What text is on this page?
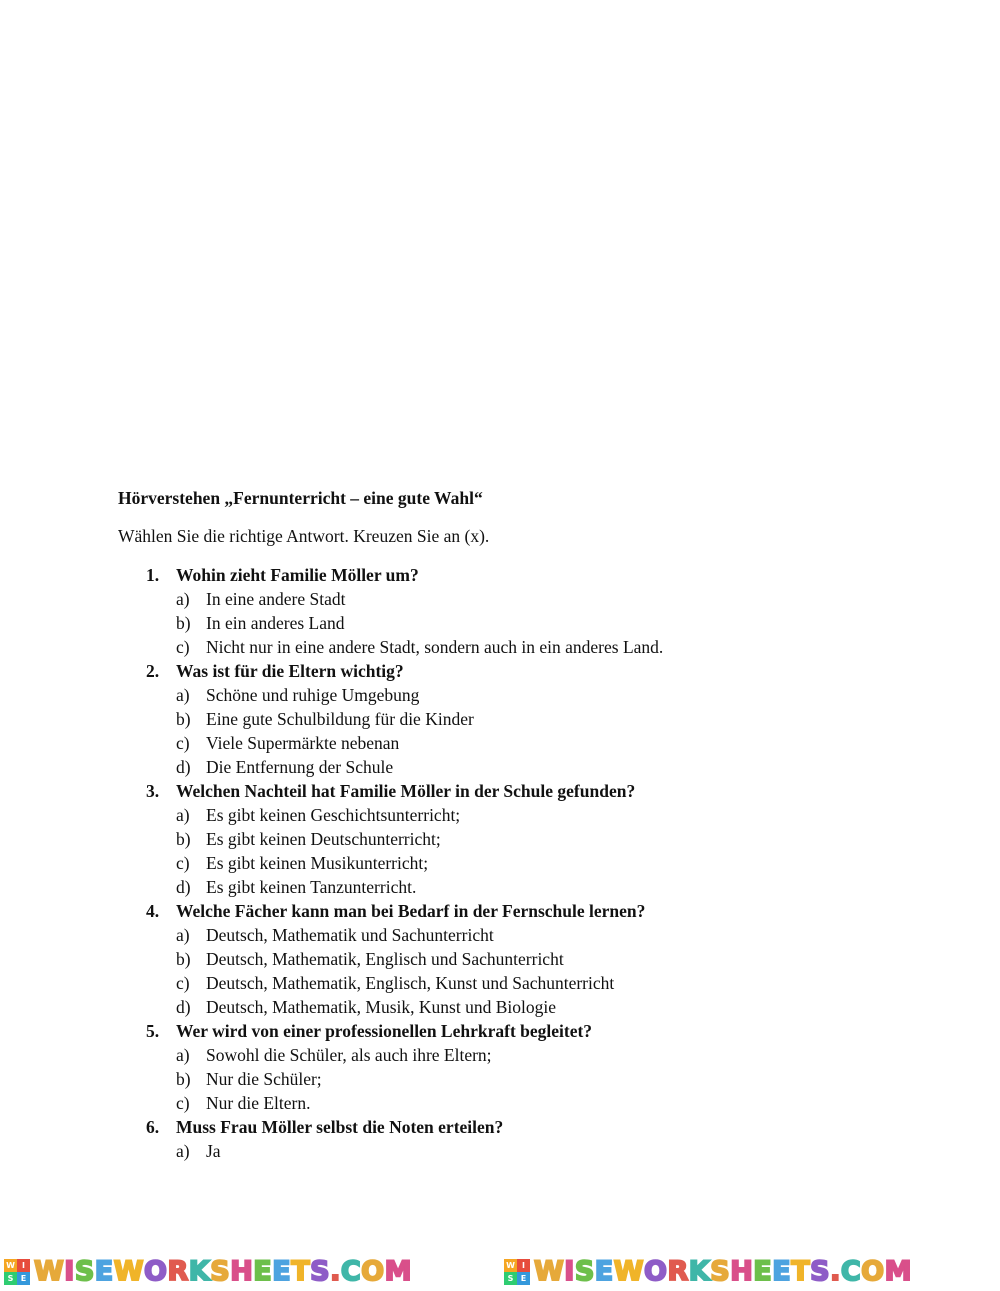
Hörverstehen „Fernunterricht – eine gute Wahl“
Wählen Sie die richtige Antwort. Kreuzen Sie an (x).
1. Wohin zieht Familie Möller um?
a) In eine andere Stadt
b) In ein anderes Land
c) Nicht nur in eine andere Stadt, sondern auch in ein anderes Land.
2. Was ist für die Eltern wichtig?
a) Schöne und ruhige Umgebung
b) Eine gute Schulbildung für die Kinder
c) Viele Supermärkte nebenan
d) Die Entfernung der Schule
3. Welchen Nachteil hat Familie Möller in der Schule gefunden?
a) Es gibt keinen Geschichtsunterricht;
b) Es gibt keinen Deutschunterricht;
c) Es gibt keinen Musikunterricht;
d) Es gibt keinen Tanzunterricht.
4. Welche Fächer kann man bei Bedarf in der Fernschule lernen?
a) Deutsch, Mathematik und Sachunterricht
b) Deutsch, Mathematik, Englisch und Sachunterricht
c) Deutsch, Mathematik, Englisch, Kunst und Sachunterricht
d) Deutsch, Mathematik, Musik, Kunst und Biologie
5. Wer wird von einer professionellen Lehrkraft begleitet?
a) Sowohl die Schüler, als auch ihre Eltern;
b) Nur die Schüler;
c) Nur die Eltern.
6. Muss Frau Möller selbst die Noten erteilen?
a) Ja
W I
S E WISEWORKSHEETS.COM	W I
S E WISEWORKSHEETS.COM
